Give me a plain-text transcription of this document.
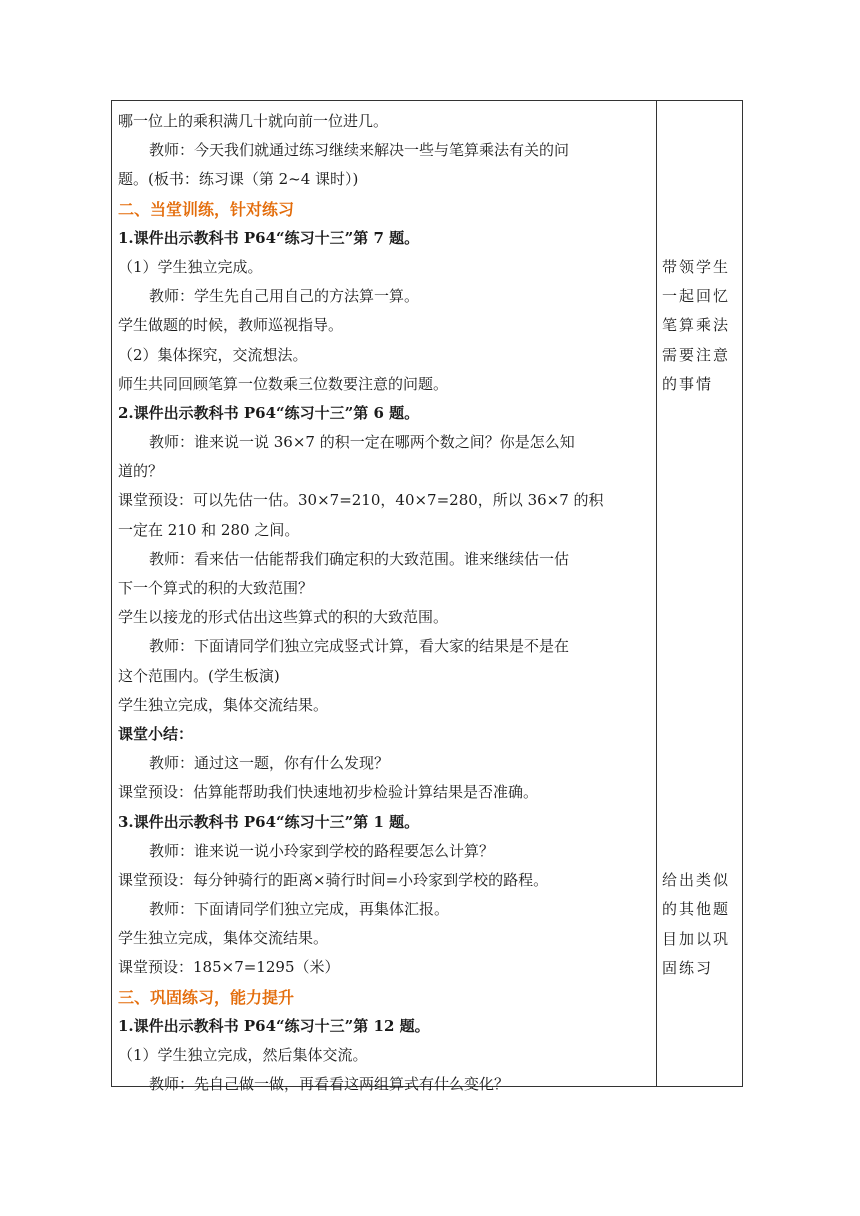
哪一位上的乘积满几十就向前一位进几。
教师：今天我们就通过练习继续来解决一些与笔算乘法有关的问
题。(板书：练习课（第 2~4 课时）)
二、当堂训练，针对练习
1.课件出示教科书 P64“练习十三”第 7 题。
（1）学生独立完成。
教师：学生先自己用自己的方法算一算。
学生做题的时候，教师巡视指导。
（2）集体探究，交流想法。
师生共同回顾笔算一位数乘三位数要注意的问题。
2.课件出示教科书 P64“练习十三”第 6 题。
教师：谁来说一说 36×7 的积一定在哪两个数之间？你是怎么知
道的？
课堂预设：可以先估一估。30×7=210，40×7=280，所以 36×7 的积
一定在 210 和 280 之间。
教师：看来估一估能帮我们确定积的大致范围。谁来继续估一估
下一个算式的积的大致范围？
学生以接龙的形式估出这些算式的积的大致范围。
教师：下面请同学们独立完成竖式计算，看大家的结果是不是在
这个范围内。(学生板演)
学生独立完成，集体交流结果。
课堂小结：
教师：通过这一题，你有什么发现？
课堂预设：估算能帮助我们快速地初步检验计算结果是否准确。
3.课件出示教科书 P64“练习十三”第 1 题。
教师：谁来说一说小玲家到学校的路程要怎么计算？
课堂预设：每分钟骑行的距离×骑行时间=小玲家到学校的路程。
教师：下面请同学们独立完成，再集体汇报。
学生独立完成，集体交流结果。
课堂预设：185×7=1295（米）
三、巩固练习，能力提升
1.课件出示教科书 P64“练习十三”第 12 题。
（1）学生独立完成，然后集体交流。
教师：先自己做一做，再看看这两组算式有什么变化？
带领学生
一起回忆
笔算乘法
需要注意
的事情
给出类似
的其他题
目加以巩
固练习
